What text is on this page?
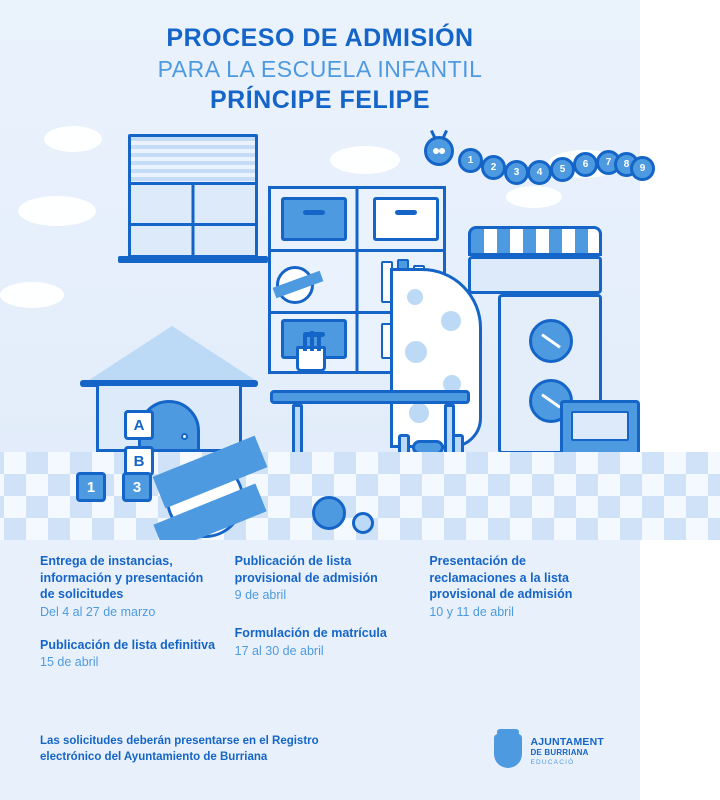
1
2	3	4	5	6	7	8	9
A
B
1	3
PROCESO DE ADMISIÓN
PARA LA ESCUELA INFANTIL
PRÍNCIPE FELIPE
Entrega de instancias, información y presentación de solicitudes
Del 4 al 27 de marzo
Publicación de lista definitiva
15 de abril
Publicación de lista provisional de admisión
9 de abril
Formulación de matrícula
17 al 30 de abril
Presentación de reclamaciones a la lista provisional de admisión
10 y 11 de abril
Las solicitudes deberán presentarse en el Registro electrónico del Ayuntamiento de Burriana
AJUNTAMENT
DE BURRIANA
EDUCACIÓ
